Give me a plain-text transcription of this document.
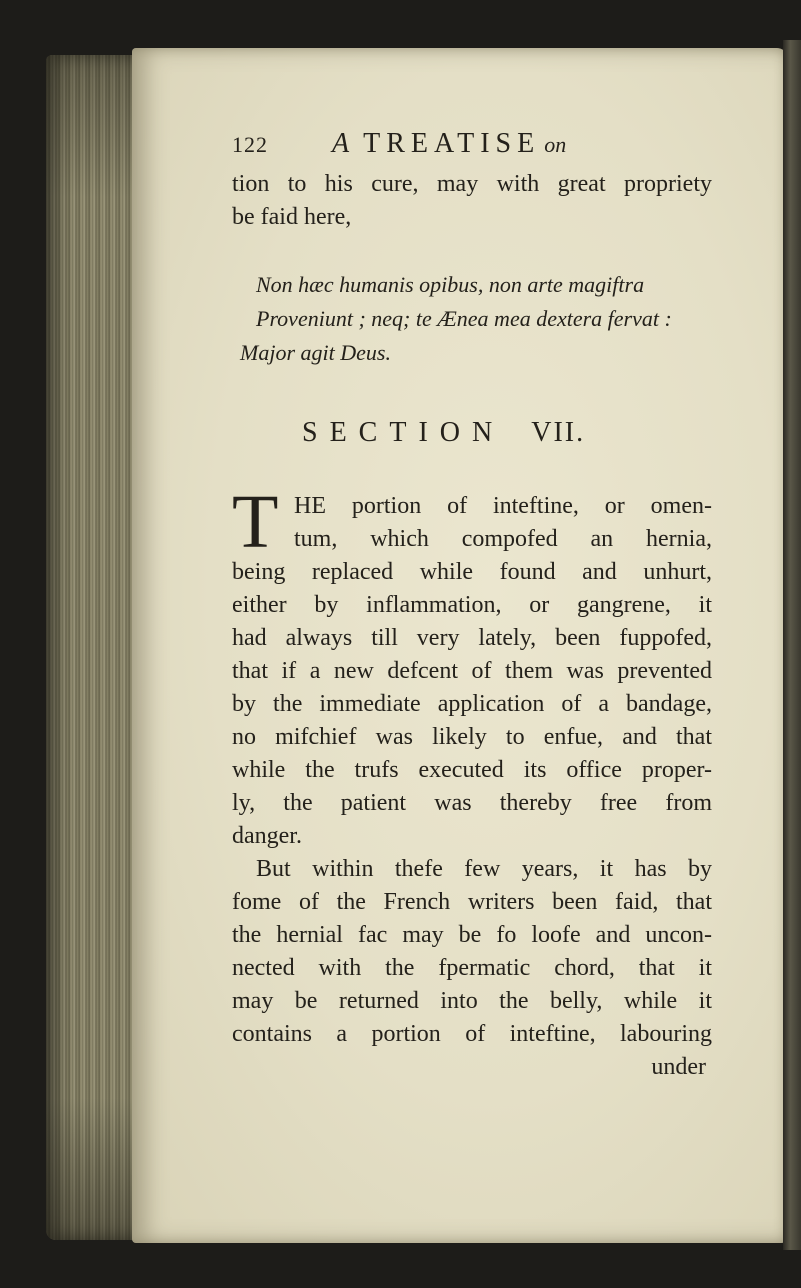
122 A TREATISE on
tion to his cure, may with great propriety
be faid here,
Non hæc humanis opibus, non arte magiftra
Proveniunt ; neq; te Æneа mea dextera fervat :
Major agit Deus.
SECTION VII.
T HE portion of inteftine, or omen-
tum, which compofed an hernia,
being replaced while found and unhurt,
either by inflammation, or gangrene, it
had always till very lately, been fuppofed,
that if a new defcent of them was prevented
by the immediate application of a bandage,
no mifchief was likely to enfue, and that
while the trufs executed its office proper-
ly, the patient was thereby free from
danger.
But within thefe few years, it has by
fome of the French writers been faid, that
the hernial fac may be fo loofe and uncon-
nected with the fpermatic chord, that it
may be returned into the belly, while it
contains a portion of inteftine, labouring
under
